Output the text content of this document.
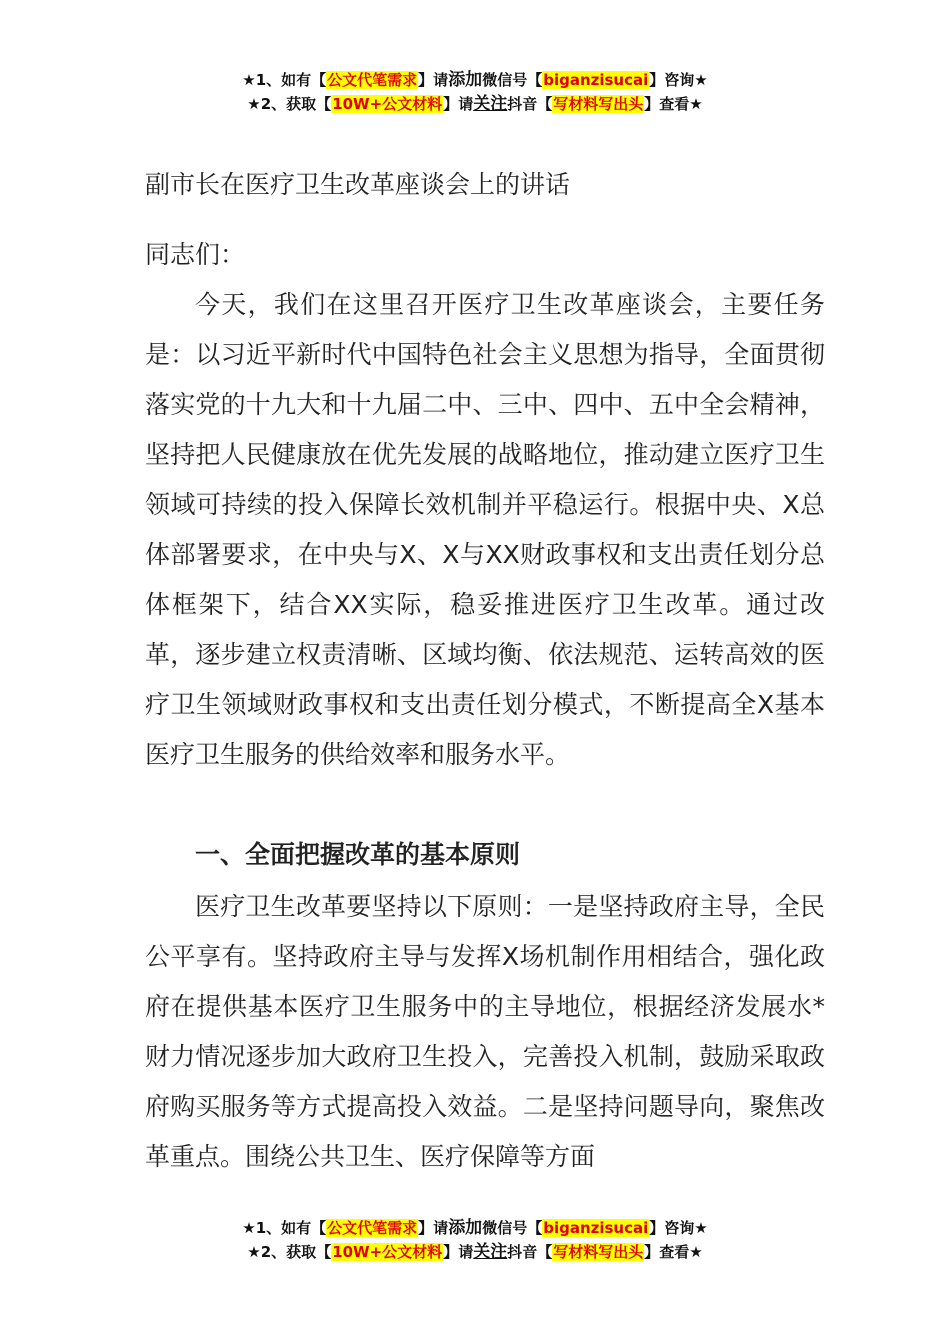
★1、如有【公文代笔需求】请添加微信号【biganzisucai】咨询★
★2、获取【10W+公文材料】请关注抖音【写材料写出头】查看★
副市长在医疗卫生改革座谈会上的讲话
同志们：
今天，我们在这里召开医疗卫生改革座谈会，主要任务是：以习近平新时代中国特色社会主义思想为指导，全面贯彻落实党的十九大和十九届二中、三中、四中、五中全会精神，坚持把人民健康放在优先发展的战略地位，推动建立医疗卫生领域可持续的投入保障长效机制并平稳运行。根据中央、X总体部署要求，在中央与X、X与XX财政事权和支出责任划分总体框架下，结合XX实际，稳妥推进医疗卫生改革。通过改革，逐步建立权责清晰、区域均衡、依法规范、运转高效的医疗卫生领域财政事权和支出责任划分模式，不断提高全X基本医疗卫生服务的供给效率和服务水平。
一、全面把握改革的基本原则
医疗卫生改革要坚持以下原则：一是坚持政府主导，全民公平享有。坚持政府主导与发挥X场机制作用相结合，强化政府在提供基本医疗卫生服务中的主导地位，根据经济发展水*财力情况逐步加大政府卫生投入，完善投入机制，鼓励采取政府购买服务等方式提高投入效益。二是坚持问题导向，聚焦改革重点。围绕公共卫生、医疗保障等方面
★1、如有【公文代笔需求】请添加微信号【biganzisucai】咨询★
★2、获取【10W+公文材料】请关注抖音【写材料写出头】查看★
